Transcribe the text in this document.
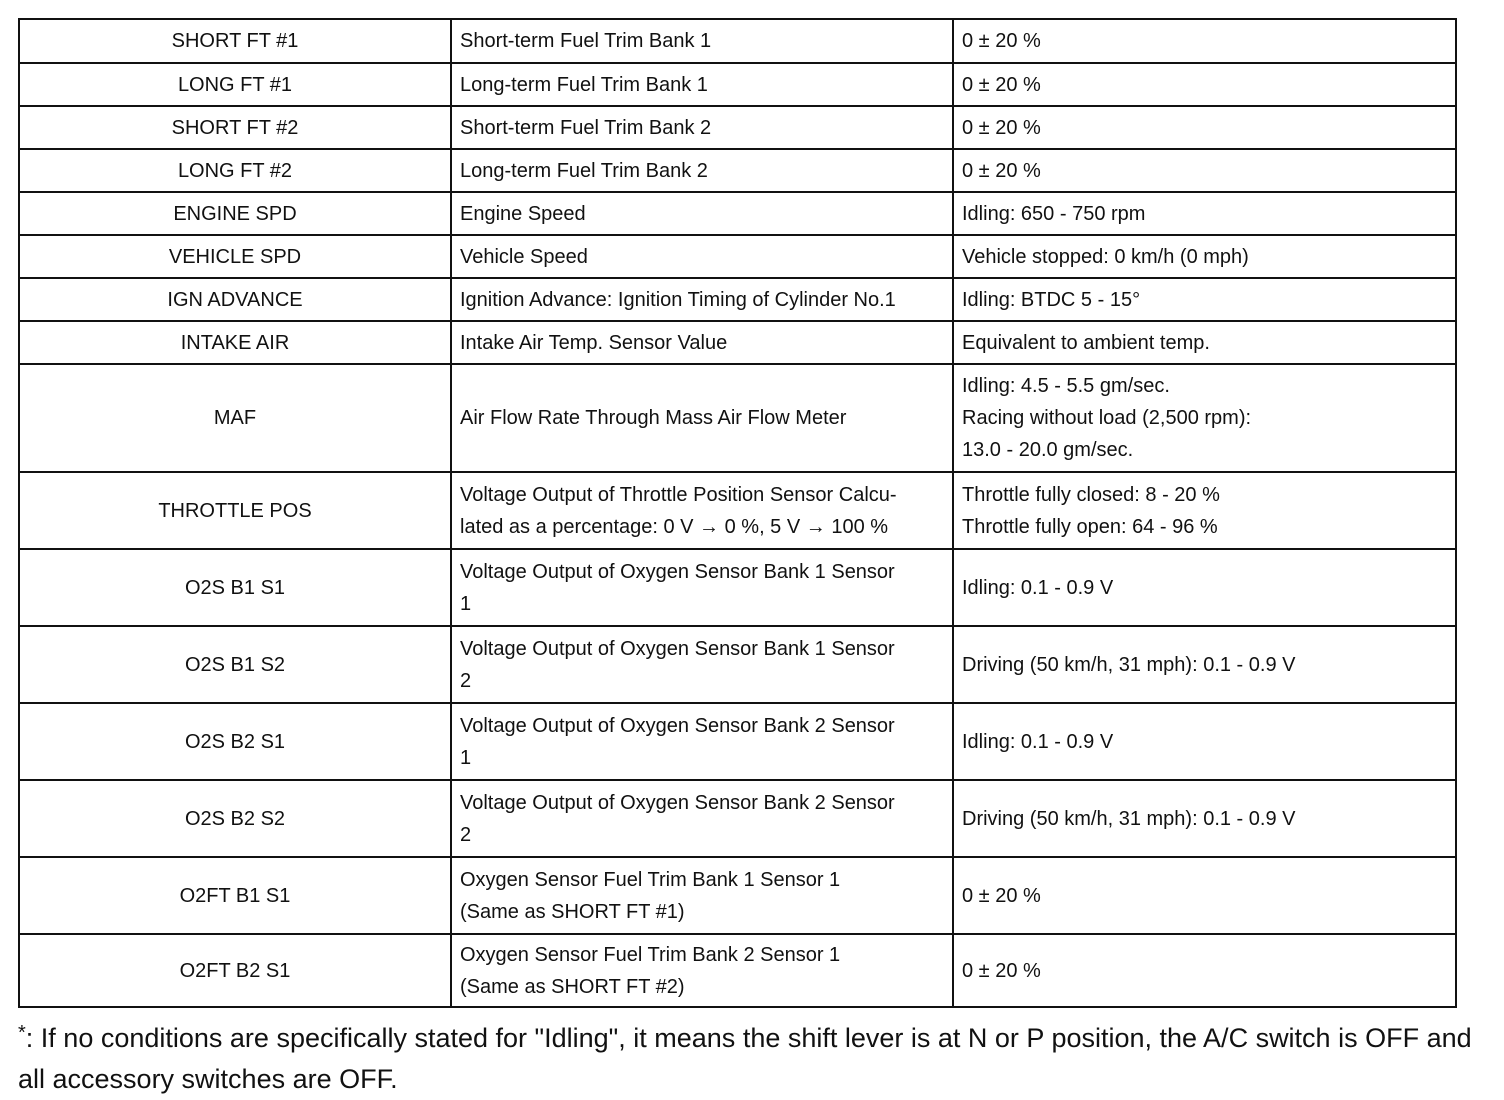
SHORT FT #1	Short-term Fuel Trim Bank 1	0 ± 20 %

LONG FT #1	Long-term Fuel Trim Bank 1	0 ± 20 %

SHORT FT #2	Short-term Fuel Trim Bank 2	0 ± 20 %

LONG FT #2	Long-term Fuel Trim Bank 2	0 ± 20 %

ENGINE SPD	Engine Speed	Idling: 650 - 750 rpm

VEHICLE SPD	Vehicle Speed	Vehicle stopped: 0 km/h (0 mph)

IGN ADVANCE	Ignition Advance: Ignition Timing of Cylinder No.1	Idling: BTDC 5 - 15°

INTAKE AIR	Intake Air Temp. Sensor Value	Equivalent to ambient temp.

MAF	Air Flow Rate Through Mass Air Flow Meter	Idling: 4.5 - 5.5 gm/sec.
Racing without load (2,500 rpm):
13.0 - 20.0 gm/sec.

THROTTLE POS	Voltage Output of Throttle Position Sensor Calcu-
lated as a percentage: 0 V → 0 %, 5 V → 100 %	Throttle fully closed: 8 - 20 %
Throttle fully open: 64 - 96 %

O2S B1 S1	Voltage Output of Oxygen Sensor Bank 1 Sensor
1	Idling: 0.1 - 0.9 V

O2S B1 S2	Voltage Output of Oxygen Sensor Bank 1 Sensor
2	Driving (50 km/h, 31 mph): 0.1 - 0.9 V

O2S B2 S1	Voltage Output of Oxygen Sensor Bank 2 Sensor
1	Idling: 0.1 - 0.9 V

O2S B2 S2	Voltage Output of Oxygen Sensor Bank 2 Sensor
2	Driving (50 km/h, 31 mph): 0.1 - 0.9 V

O2FT B1 S1	Oxygen Sensor Fuel Trim Bank 1 Sensor 1
(Same as SHORT FT #1)	0 ± 20 %

O2FT B2 S1	Oxygen Sensor Fuel Trim Bank 2 Sensor 1
(Same as SHORT FT #2)	0 ± 20 %
*: If no conditions are specifically stated for "Idling", it means the shift lever is at N or P position, the A/C switch is OFF and all accessory switches are OFF.
